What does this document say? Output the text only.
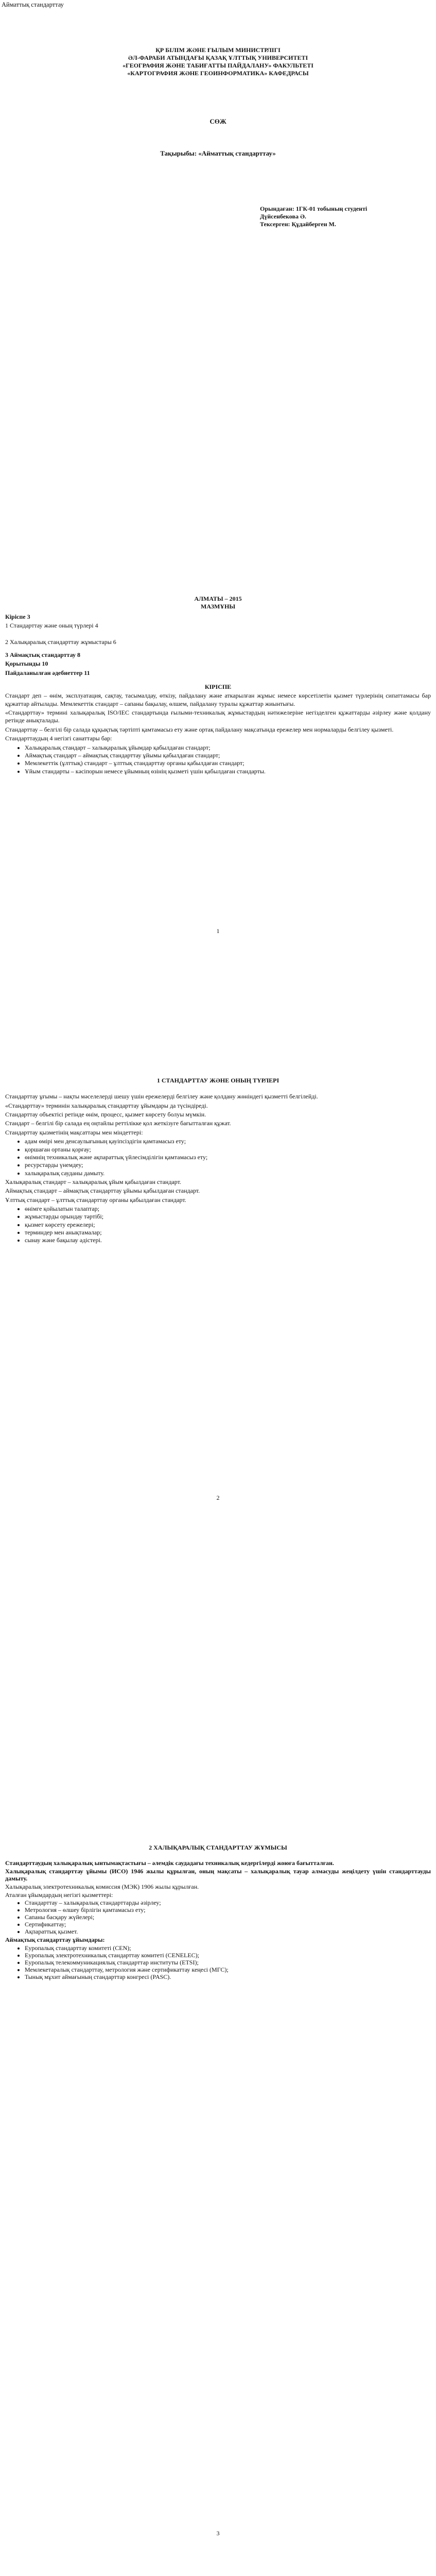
Айматтық стандарттау
ҚР БІЛІМ ЖӘНЕ ҒЫЛЫМ МИНИСТРЛІГІ
ӘЛ-ФАРАБИ АТЫНДАҒЫ ҚАЗАҚ ҰЛТТЫҚ УНИВЕРСИТЕТІ
«ГЕОГРАФИЯ ЖӘНЕ ТАБИҒАТТЫ ПАЙДАЛАНУ» ФАКУЛЬТЕТІ
«КАРТОГРАФИЯ ЖӘНЕ ГЕОИНФОРМАТИКА» КАФЕДРАСЫ
СӨЖ
Тақырыбы: «Айматтық стандарттау»
Орындаған: 1ГК-01 тобының студенті
Дүйсенбекова Ә.
Тексерген: Құдайберген М.
АЛМАТЫ – 2015
МАЗМҰНЫ

Кіріспе 3

1 Стандарттау және оның түрлері 4

2 Халықаралық стандарттау жұмыстары 6

3 Аймақтық стандарттау 8

Қорытынды 10

Пайдаланылған әдебиеттер 11

КІРІСПЕ

Стандарт деп – өнім, эксплуатация, сақтау, тасымалдау, өткізу, пайдалану және аткарылған жұмыс немесе көрсетілетін қызмет түрлерінің сипаттамасы бар құжаттар айтылады. Мемлекеттік стандарт – сапаны бақылау, өлшем, пайдалану туралы құжаттар жиынтығы.

«Стандарттау» термині халықаралық ISO/IEC стандартында ғылыми-техникалық жұмыстардың нәтижелеріне негізделген құжаттарды әзірлеу және қолдану ретінде анықталады.

Стандарттау – белгілі бір салада құқықтық тәртіпті қамтамасыз ету және ортақ пайдалану мақсатында ережелер мен нормаларды белгілеу қызметі.

Стандарттаудың 4 негізгі санаттары бар:

• Халықаралық стандарт – халықаралық ұйымдар қабылдаған стандарт;
• Аймақтық стандарт – аймақтық стандарттау ұйымы қабылдаған стандарт;
• Мемлекеттік (ұлттық) стандарт – ұлттық стандарттау органы қабылдаған стандарт;
• Ұйым стандарты – кәсіпорын немесе ұйымның өзінің қызметі үшін қабылдаған стандарты.
1

1 СТАНДАРТТАУ ЖӘНЕ ОНЫҢ ТҮРЛЕРІ

Стандарттау ұғымы – нақты мәселелерді шешу үшін ережелерді белгілеу және қолдану жөніндегі қызметті белгілейді.

«Стандарттау» терминін халықаралық стандарттау ұйымдары да түсіндіреді.

Стандарттау объектісі ретінде өнім, процесс, қызмет көрсету болуы мүмкін.

Стандарт – белгілі бір салада ең оңтайлы реттілікке қол жеткізуге бағытталған құжат.

Стандарттау қызметінің мақсаттары мен міндеттері:

• адам өмірі мен денсаулығының қауіпсіздігін қамтамасыз ету;
• қоршаған ортаны қорғау;
• өнімнің техникалық және ақпараттық үйлесімділігін қамтамасыз ету;
• ресурстарды үнемдеу;
• халықаралық сауданы дамыту.

Халықаралық стандарт – халықаралық ұйым қабылдаған стандарт.

Аймақтық стандарт – аймақтық стандарттау ұйымы қабылдаған стандарт.

Ұлттық стандарт – ұлттық стандарттау органы қабылдаған стандарт.

• өнімге қойылатын талаптар;
• жұмыстарды орындау тәртібі;
• қызмет көрсету ережелері;
• терминдер мен анықтамалар;
• сынау және бақылау әдістері.
2

2 ХАЛЫҚАРАЛЫҚ СТАНДАРТТАУ ЖҰМЫСЫ

Стандарттаудың халықаралық ынтымақтастығы – әлемдік саудадағы техникалық кедергілерді жоюға бағытталған.

Халықаралық стандарттау ұйымы (ИСО) 1946 жылы құрылған, оның мақсаты – халықаралық тауар алмасуды жеңілдету үшін стандарттауды дамыту.

Халықаралық электротехникалық комиссия (МЭК) 1906 жылы құрылған.

Аталған ұйымдардың негізгі қызметтері:

• Стандарттау – халықаралық стандарттарды әзірлеу;
• Метрология – өлшеу бірлігін қамтамасыз ету;
• Сапаны басқару жүйелері;
• Сертификаттау;
• Ақпараттық қызмет.

Аймақтық стандарттау ұйымдары:

• Еуропалық стандарттау комитеті (CEN);
• Еуропалық электротехникалық стандарттау комитеті (CENELEC);
• Еуропалық телекоммуникациялық стандарттар институты (ETSI);
• Мемлекетаралық стандарттау, метрология және сертификаттау кеңесі (МГС);
• Тынық мұхит аймағының стандарттар конгресі (PASC).
3
